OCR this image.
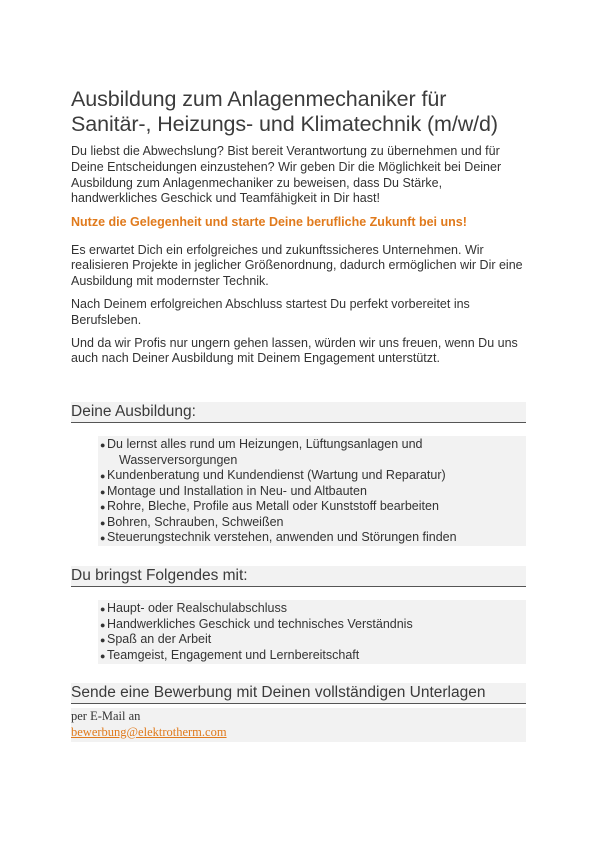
Ausbildung zum Anlagenmechaniker für Sanitär-, Heizungs- und Klimatechnik (m/w/d)

Du liebst die Abwechslung? Bist bereit Verantwortung zu übernehmen und für Deine Entscheidungen einzustehen? Wir geben Dir die Möglichkeit bei Deiner Ausbildung zum Anlagenmechaniker zu beweisen, dass Du Stärke, handwerkliches Geschick und Teamfähigkeit in Dir hast!

Nutze die Gelegenheit und starte Deine berufliche Zukunft bei uns!

Es erwartet Dich ein erfolgreiches und zukunftssicheres Unternehmen. Wir realisieren Projekte in jeglicher Größenordnung, dadurch ermöglichen wir Dir eine Ausbildung mit modernster Technik.

Nach Deinem erfolgreichen Abschluss startest Du perfekt vorbereitet ins Berufsleben.

Und da wir Profis nur ungern gehen lassen, würden wir uns freuen, wenn Du uns auch nach Deiner Ausbildung mit Deinem Engagement unterstützt.

Deine Ausbildung:
● Du lernst alles rund um Heizungen, Lüftungsanlagen und
Wasserversorgungen
● Kundenberatung und Kundendienst (Wartung und Reparatur)
● Montage und Installation in Neu- und Altbauten
● Rohre, Bleche, Profile aus Metall oder Kunststoff bearbeiten
● Bohren, Schrauben, Schweißen
● Steuerungstechnik verstehen, anwenden und Störungen finden
Du bringst Folgendes mit:
● Haupt- oder Realschulabschluss
● Handwerkliches Geschick und technisches Verständnis
● Spaß an der Arbeit
● Teamgeist, Engagement und Lernbereitschaft
Sende eine Bewerbung mit Deinen vollständigen Unterlagen
per E-Mail an
bewerbung@elektrotherm.com
